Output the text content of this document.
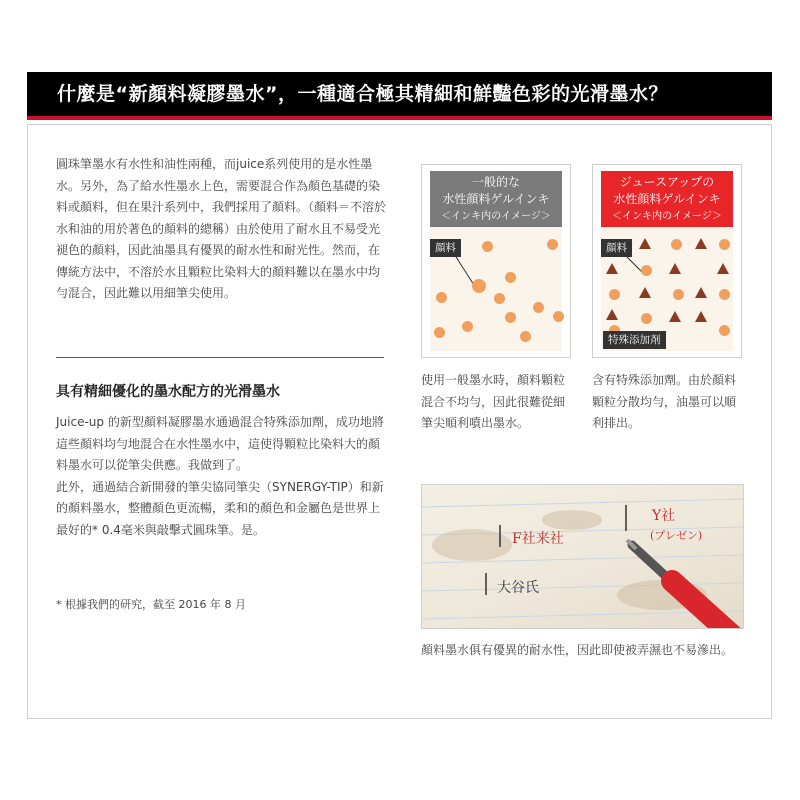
什麼是“新顏料凝膠墨水”，一種適合極其精細和鮮豔色彩的光滑墨水？

圓珠筆墨水有水性和油性兩種，而juice系列使用的是水性墨水。另外，為了給水性墨水上色，需要混合作為顏色基礎的染料或顏料，但在果汁系列中，我們採用了顏料。（顏料＝不溶於水和油的用於著色的顏料的總稱）由於使用了耐水且不易受光褪色的顏料，因此油墨具有優異的耐水性和耐光性。然而，在傳統方法中，不溶於水且顆粒比染料大的顏料難以在墨水中均勻混合，因此難以用細筆尖使用。

具有精細優化的墨水配方的光滑墨水
Juice-up 的新型顏料凝膠墨水通過混合特殊添加劑，成功地將這些顏料均勻地混合在水性墨水中，這使得顆粒比染料大的顏料墨水可以從筆尖供應。我做到了。
此外，通過結合新開發的筆尖協同筆尖（SYNERGY-TIP）和新的顏料墨水，整體顏色更流暢，柔和的顏色和金屬色是世界上最好的* 0.4毫米與敲擊式圓珠筆。是。

* 根據我們的研究，截至 2016 年 8 月

一般的な
水性顔料ゲルインキ
＜インキ内のイメージ＞
顔料
ジュースアップの
水性顔料ゲルインキ
＜インキ内のイメージ＞
顔料
特殊添加剤

使用一般墨水時，顏料顆粒混合不均勻，因此很難從細筆尖順利噴出墨水。

含有特殊添加劑。由於顏料顆粒分散均勻，油墨可以順利排出。

Y社
(プレゼン)
F社来社
大谷氏

顏料墨水俱有優異的耐水性，因此即使被弄濕也不易滲出。
